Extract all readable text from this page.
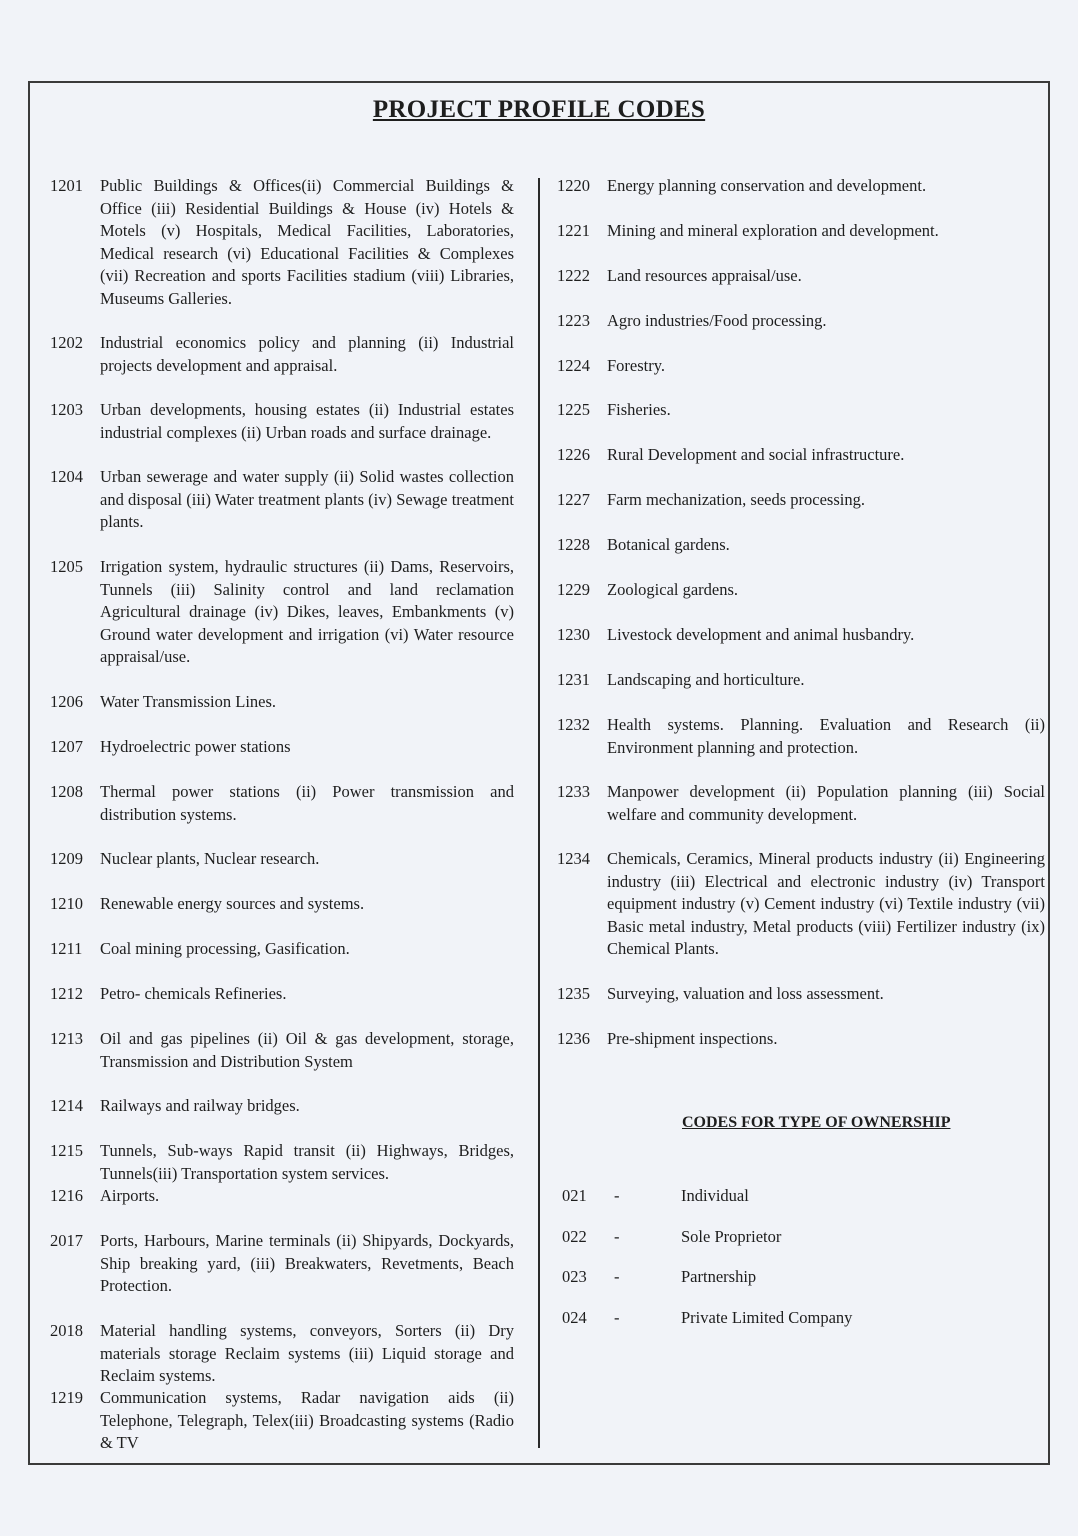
PROJECT PROFILE CODES
1201 Public Buildings & Offices(ii) Commercial Buildings & Office (iii) Residential Buildings & House (iv) Hotels & Motels (v) Hospitals, Medical Facilities, Laboratories, Medical research (vi) Educational Facilities & Complexes (vii) Recreation and sports Facilities stadium (viii) Libraries, Museums Galleries.
1202 Industrial economics policy and planning (ii) Industrial projects development and appraisal.
1203 Urban developments, housing estates (ii) Industrial estates industrial complexes (ii) Urban roads and surface drainage.
1204 Urban sewerage and water supply (ii) Solid wastes collection and disposal (iii) Water treatment plants (iv) Sewage treatment plants.
1205 Irrigation system, hydraulic structures (ii) Dams, Reservoirs, Tunnels (iii) Salinity control and land reclamation Agricultural drainage (iv) Dikes, leaves, Embankments (v) Ground water development and irrigation (vi) Water resource appraisal/use.
1206 Water Transmission Lines.
1207 Hydroelectric power stations
1208 Thermal power stations (ii) Power transmission and distribution systems.
1209 Nuclear plants, Nuclear research.
1210 Renewable energy sources and systems.
1211 Coal mining processing, Gasification.
1212 Petro- chemicals Refineries.
1213 Oil and gas pipelines (ii) Oil & gas development, storage, Transmission and Distribution System
1214 Railways and railway bridges.
1215 Tunnels, Sub-ways Rapid transit (ii) Highways, Bridges, Tunnels(iii) Transportation system services.
1216 Airports.
2017 Ports, Harbours, Marine terminals (ii) Shipyards, Dockyards, Ship breaking yard, (iii) Breakwaters, Revetments, Beach Protection.
2018 Material handling systems, conveyors, Sorters (ii) Dry materials storage Reclaim systems (iii) Liquid storage and Reclaim systems.
1219 Communication systems, Radar navigation aids (ii) Telephone, Telegraph, Telex(iii) Broadcasting systems (Radio & TV
1220 Energy planning conservation and development.
1221 Mining and mineral exploration and development.
1222 Land resources appraisal/use.
1223 Agro industries/Food processing.
1224 Forestry.
1225 Fisheries.
1226 Rural Development and social infrastructure.
1227 Farm mechanization, seeds processing.
1228 Botanical gardens.
1229 Zoological gardens.
1230 Livestock development and animal husbandry.
1231 Landscaping and horticulture.
1232 Health systems. Planning. Evaluation and Research (ii) Environment planning and protection.
1233 Manpower development (ii) Population planning (iii) Social welfare and community development.
1234 Chemicals, Ceramics, Mineral products industry (ii) Engineering industry (iii) Electrical and electronic industry (iv) Transport equipment industry (v) Cement industry (vi) Textile industry (vii) Basic metal industry, Metal products (viii) Fertilizer industry (ix) Chemical Plants.
1235 Surveying, valuation and loss assessment.
1236 Pre-shipment inspections.
CODES FOR TYPE OF OWNERSHIP
021 -	Individual
022 -	Sole Proprietor
023 -	Partnership
024 -	Private Limited Company
